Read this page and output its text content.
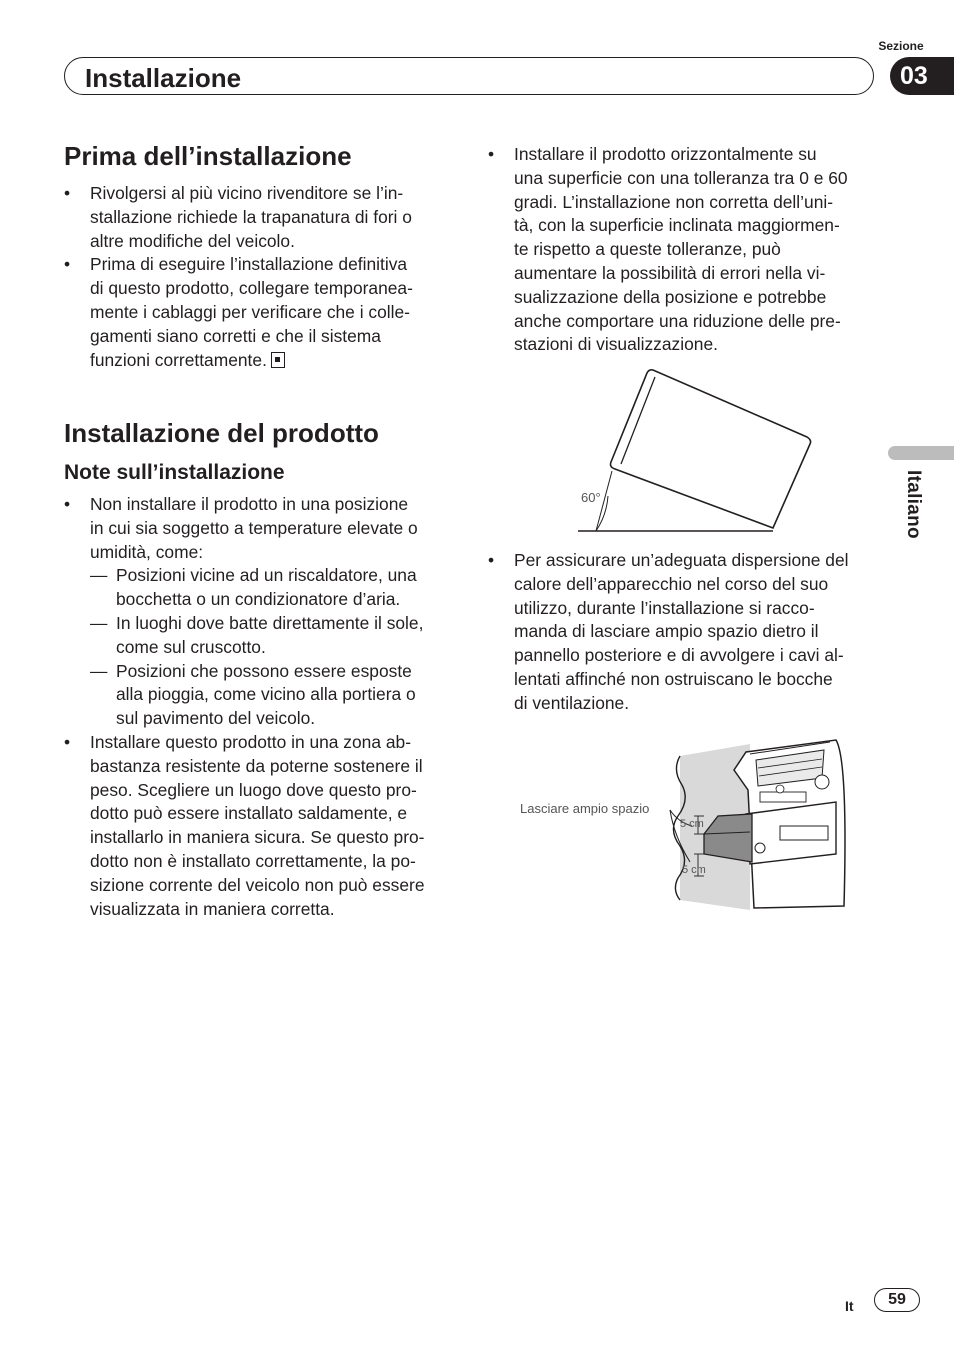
Sezione
Installazione	03
Italiano
Prima dell’installazione
• Rivolgersi al più vicino rivenditore se l’in-
stallazione richiede la trapanatura di fori o
altre modifiche del veicolo.
• Prima di eseguire l’installazione definitiva
di questo prodotto, collegare temporanea-
mente i cablaggi per verificare che i colle-
gamenti siano corretti e che il sistema
funzioni correttamente.
Installazione del prodotto
Note sull’installazione
• Non installare il prodotto in una posizione
in cui sia soggetto a temperature elevate o
umidità, come:
— Posizioni vicine ad un riscaldatore, una
bocchetta o un condizionatore d’aria.
— In luoghi dove batte direttamente il sole,
come sul cruscotto.
— Posizioni che possono essere esposte
alla pioggia, come vicino alla portiera o
sul pavimento del veicolo.
• Installare questo prodotto in una zona ab-
bastanza resistente da poterne sostenere il
peso. Scegliere un luogo dove questo pro-
dotto può essere installato saldamente, e
installarlo in maniera sicura. Se questo pro-
dotto non è installato correttamente, la po-
sizione corrente del veicolo non può essere
visualizzata in maniera corretta.
• Installare il prodotto orizzontalmente su
una superficie con una tolleranza tra 0 e 60
gradi. L’installazione non corretta dell’uni-
tà, con la superficie inclinata maggiormen-
te rispetto a queste tolleranze, può
aumentare la possibilità di errori nella vi-
sualizzazione della posizione e potrebbe
anche comportare una riduzione delle pre-
stazioni di visualizzazione.
60°
• Per assicurare un’adeguata dispersione del
calore dell’apparecchio nel corso del suo
utilizzo, durante l’installazione si racco-
manda di lasciare ampio spazio dietro il
pannello posteriore e di avvolgere i cavi al-
lentati affinché non ostruiscano le bocche
di ventilazione.
Lasciare ampio spazio
5 cm
5 cm
It	59
